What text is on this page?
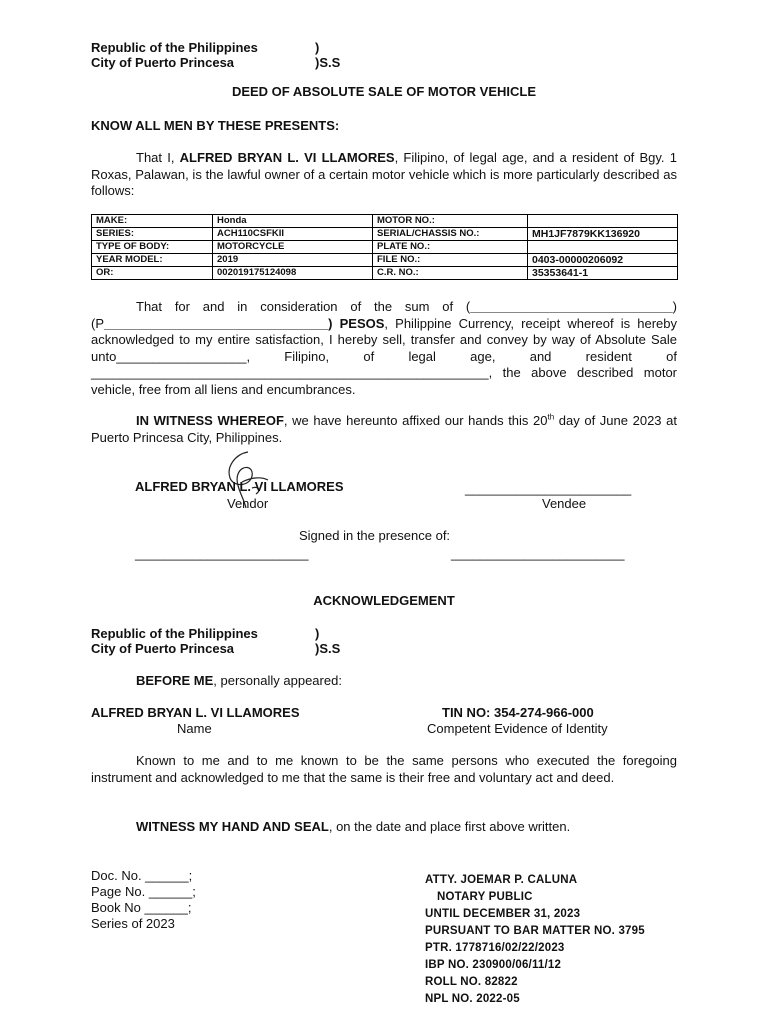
Republic of the Philippines	)
City of Puerto Princesa	)S.S
DEED OF ABSOLUTE SALE OF MOTOR VEHICLE
KNOW ALL MEN BY THESE PRESENTS:
That I, ALFRED BRYAN L. VI LLAMORES, Filipino, of legal age, and a resident of Bgy. 1 Roxas, Palawan, is the lawful owner of a certain motor vehicle which is more particularly described as follows:
MAKE:	Honda	MOTOR NO.:	
SERIES:	ACH110CSFKII	SERIAL/CHASSIS NO.:	MH1JF7879KK136920
TYPE OF BODY:	MOTORCYCLE	PLATE NO.:	
YEAR MODEL:	2019	FILE NO.:	0403-00000206092
OR:	002019175124098	C.R. NO.:	35353641-1
That for and in consideration of the sum of (____________________________) (P_______________________________) PESOS, Philippine Currency, receipt whereof is hereby acknowledged to my entire satisfaction, I hereby sell, transfer and convey by way of Absolute Sale unto__________________, Filipino, of legal age, and resident of _______________________________________________________, the above described motor vehicle, free from all liens and encumbrances.
IN WITNESS WHEREOF, we have hereunto affixed our hands this 20th day of June 2023 at Puerto Princesa City, Philippines.
ALFRED BRYAN L. VI LLAMORES
Vendor
_______________________
Vendee
Signed in the presence of:
________________________	________________________
ACKNOWLEDGEMENT
Republic of the Philippines	)
City of Puerto Princesa	)S.S
BEFORE ME, personally appeared:
ALFRED BRYAN L. VI LLAMORES
Name
TIN NO: 354-274-966-000
Competent Evidence of Identity
Known to me and to me known to be the same persons who executed the foregoing instrument and acknowledged to me that the same is their free and voluntary act and deed.
WITNESS MY HAND AND SEAL, on the date and place first above written.
Doc. No. ______;
Page No. ______;
Book No ______;
Series of 2023
ATTY. JOEMAR P. CALUNA
NOTARY PUBLIC
UNTIL DECEMBER 31, 2023
PURSUANT TO BAR MATTER NO. 3795
PTR. 1778716/02/22/2023
IBP NO. 230900/06/11/12
ROLL NO. 82822
NPL NO. 2022-05
